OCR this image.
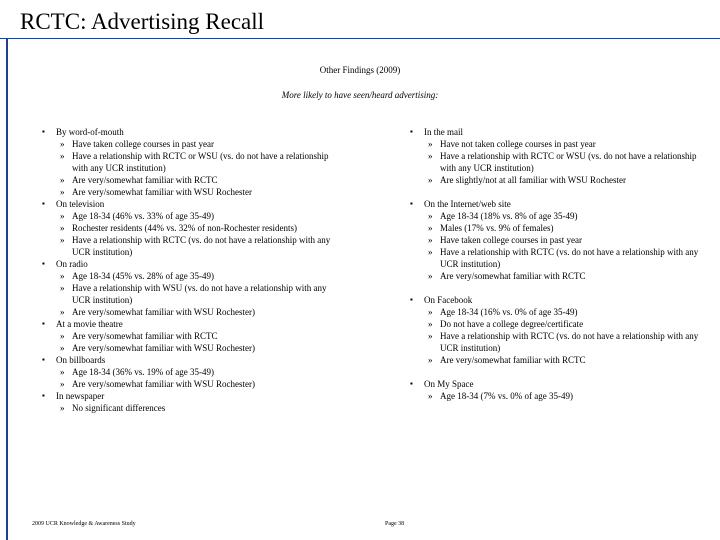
RCTC: Advertising Recall
Other Findings (2009)
More likely to have seen/heard advertising:
▪	By word-of-mouth
» Have taken college courses in past year
» Have a relationship with RCTC or WSU (vs. do not have a relationship with any UCR institution)
» Are very/somewhat familiar with RCTC
» Are very/somewhat familiar with WSU Rochester
▪	On television
» Age 18-34 (46% vs. 33% of age 35-49)
» Rochester residents (44% vs. 32% of non-Rochester residents)
» Have a relationship with RCTC (vs. do not have a relationship with any UCR institution)
▪	On radio
» Age 18-34 (45% vs. 28% of age 35-49)
» Have a relationship with WSU (vs. do not have a relationship with any UCR institution)
» Are very/somewhat familiar with WSU Rochester)
▪	At a movie theatre
» Are very/somewhat familiar with RCTC
» Are very/somewhat familiar with WSU Rochester)
▪	On billboards
» Age 18-34 (36% vs. 19% of age 35-49)
» Are very/somewhat familiar with WSU Rochester)
▪	In newspaper
» No significant differences
▪	In the mail
» Have not taken college courses in past year
» Have a relationship with RCTC or WSU (vs. do not have a relationship with any UCR institution)
» Are slightly/not at all familiar with WSU Rochester
▪	On the Internet/web site
» Age 18-34 (18% vs. 8% of age 35-49)
» Males (17% vs. 9% of females)
» Have taken college courses in past year
» Have a relationship with RCTC (vs. do not have a relationship with any UCR institution)
» Are very/somewhat familiar with RCTC
▪	On Facebook
» Age 18-34 (16% vs. 0% of age 35-49)
» Do not have a college degree/certificate
» Have a relationship with RCTC (vs. do not have a relationship with any UCR institution)
» Are very/somewhat familiar with RCTC
▪	On My Space
» Age 18-34 (7% vs. 0% of age 35-49)
2009 UCR Knowledge & Awareness Study	Page 38
